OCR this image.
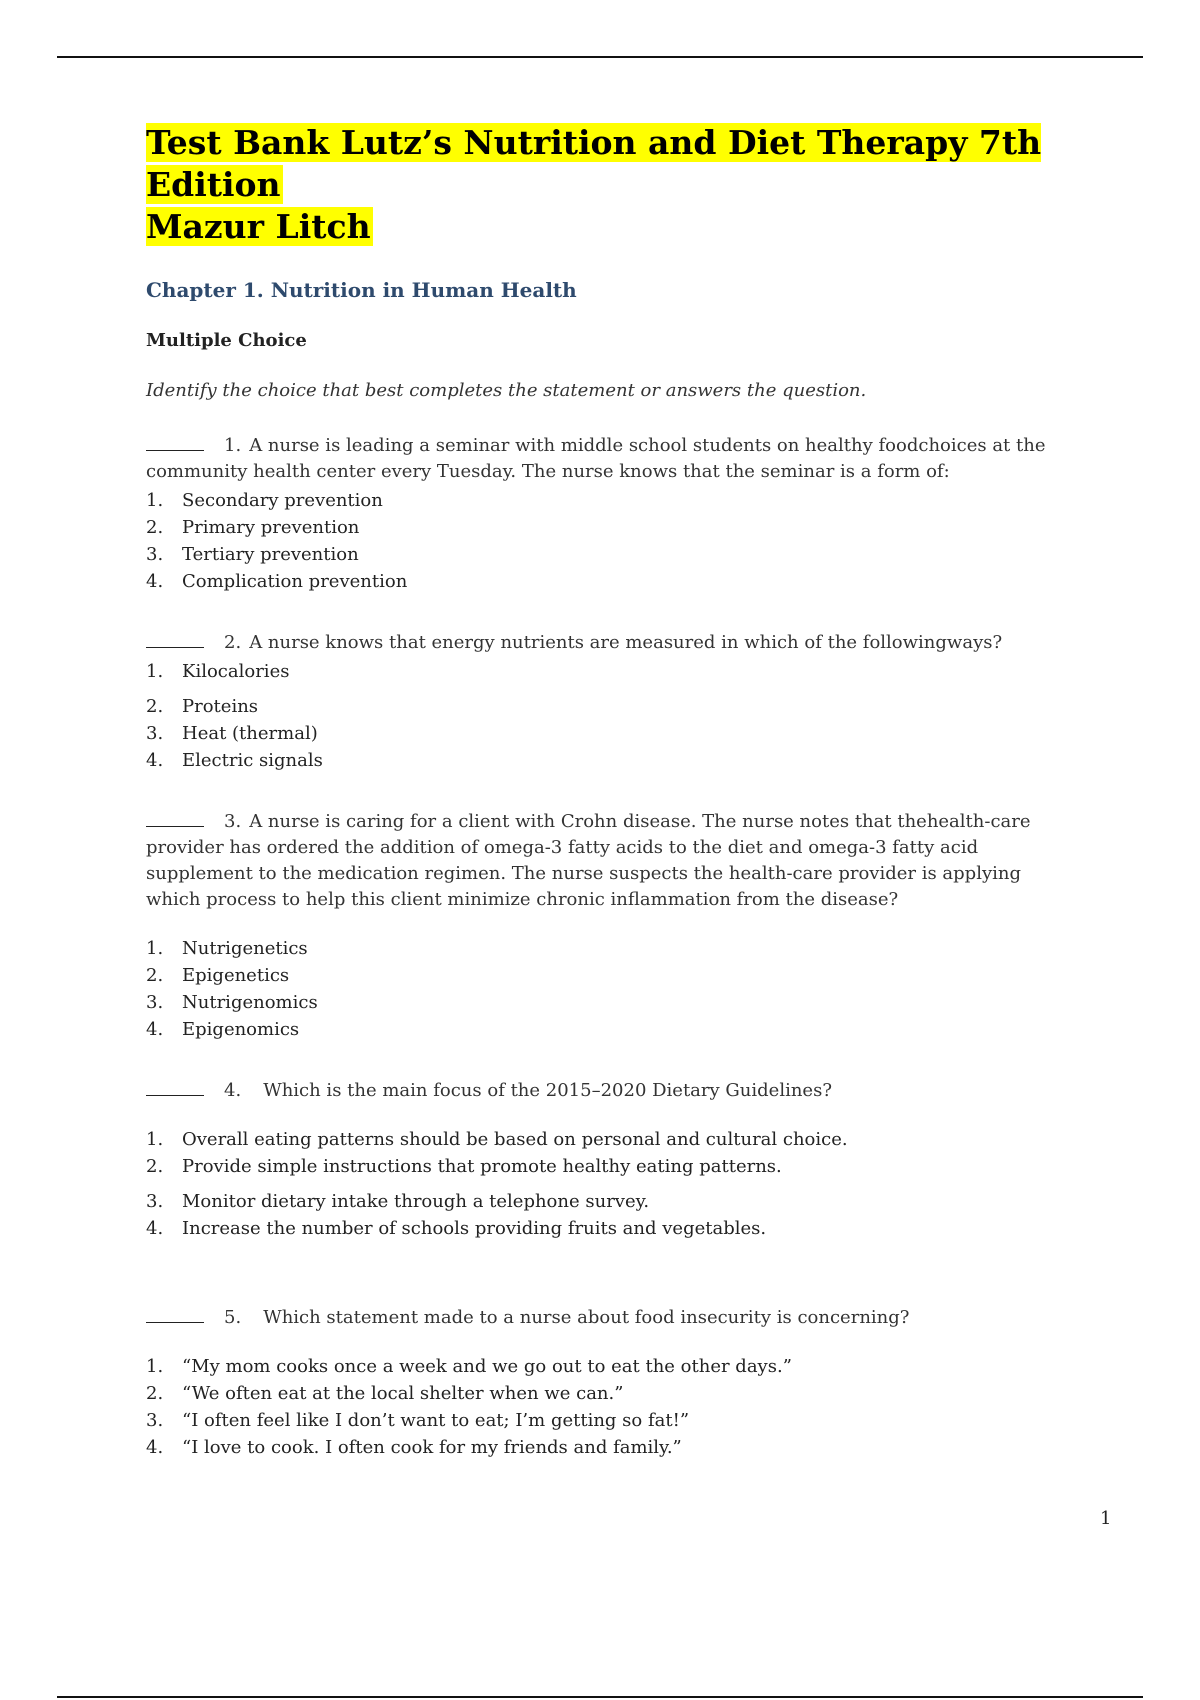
Test Bank Lutz’s Nutrition and Diet Therapy 7th Edition
Mazur Litch
Chapter 1. Nutrition in Human Health
Multiple Choice
Identify the choice that best completes the statement or answers the question.

1. A nurse is leading a seminar with middle school students on healthy foodchoices at the community health center every Tuesday. The nurse knows that the seminar is a form of:

1.	Secondary prevention
2.	Primary prevention
3.	Tertiary prevention
4.	Complication prevention

2. A nurse knows that energy nutrients are measured in which of the followingways?

1.	Kilocalories
2.	Proteins
3.	Heat (thermal)
4.	Electric signals

3. A nurse is caring for a client with Crohn disease. The nurse notes that thehealth-care provider has ordered the addition of omega-3 fatty acids to the diet and omega-3 fatty acid supplement to the medication regimen. The nurse suspects the health-care provider is applying which process to help this client minimize chronic inflammation from the disease?

1.	Nutrigenetics
2.	Epigenetics
3.	Nutrigenomics
4.	Epigenomics

4. Which is the main focus of the 2015–2020 Dietary Guidelines?

1.	Overall eating patterns should be based on personal and cultural choice.
2.	Provide simple instructions that promote healthy eating patterns.
3.	Monitor dietary intake through a telephone survey.
4.	Increase the number of schools providing fruits and vegetables.

5. Which statement made to a nurse about food insecurity is concerning?

1.	“My mom cooks once a week and we go out to eat the other days.”
2.	“We often eat at the local shelter when we can.”
3.	“I often feel like I don’t want to eat; I’m getting so fat!”
4.	“I love to cook. I often cook for my friends and family.”
1
